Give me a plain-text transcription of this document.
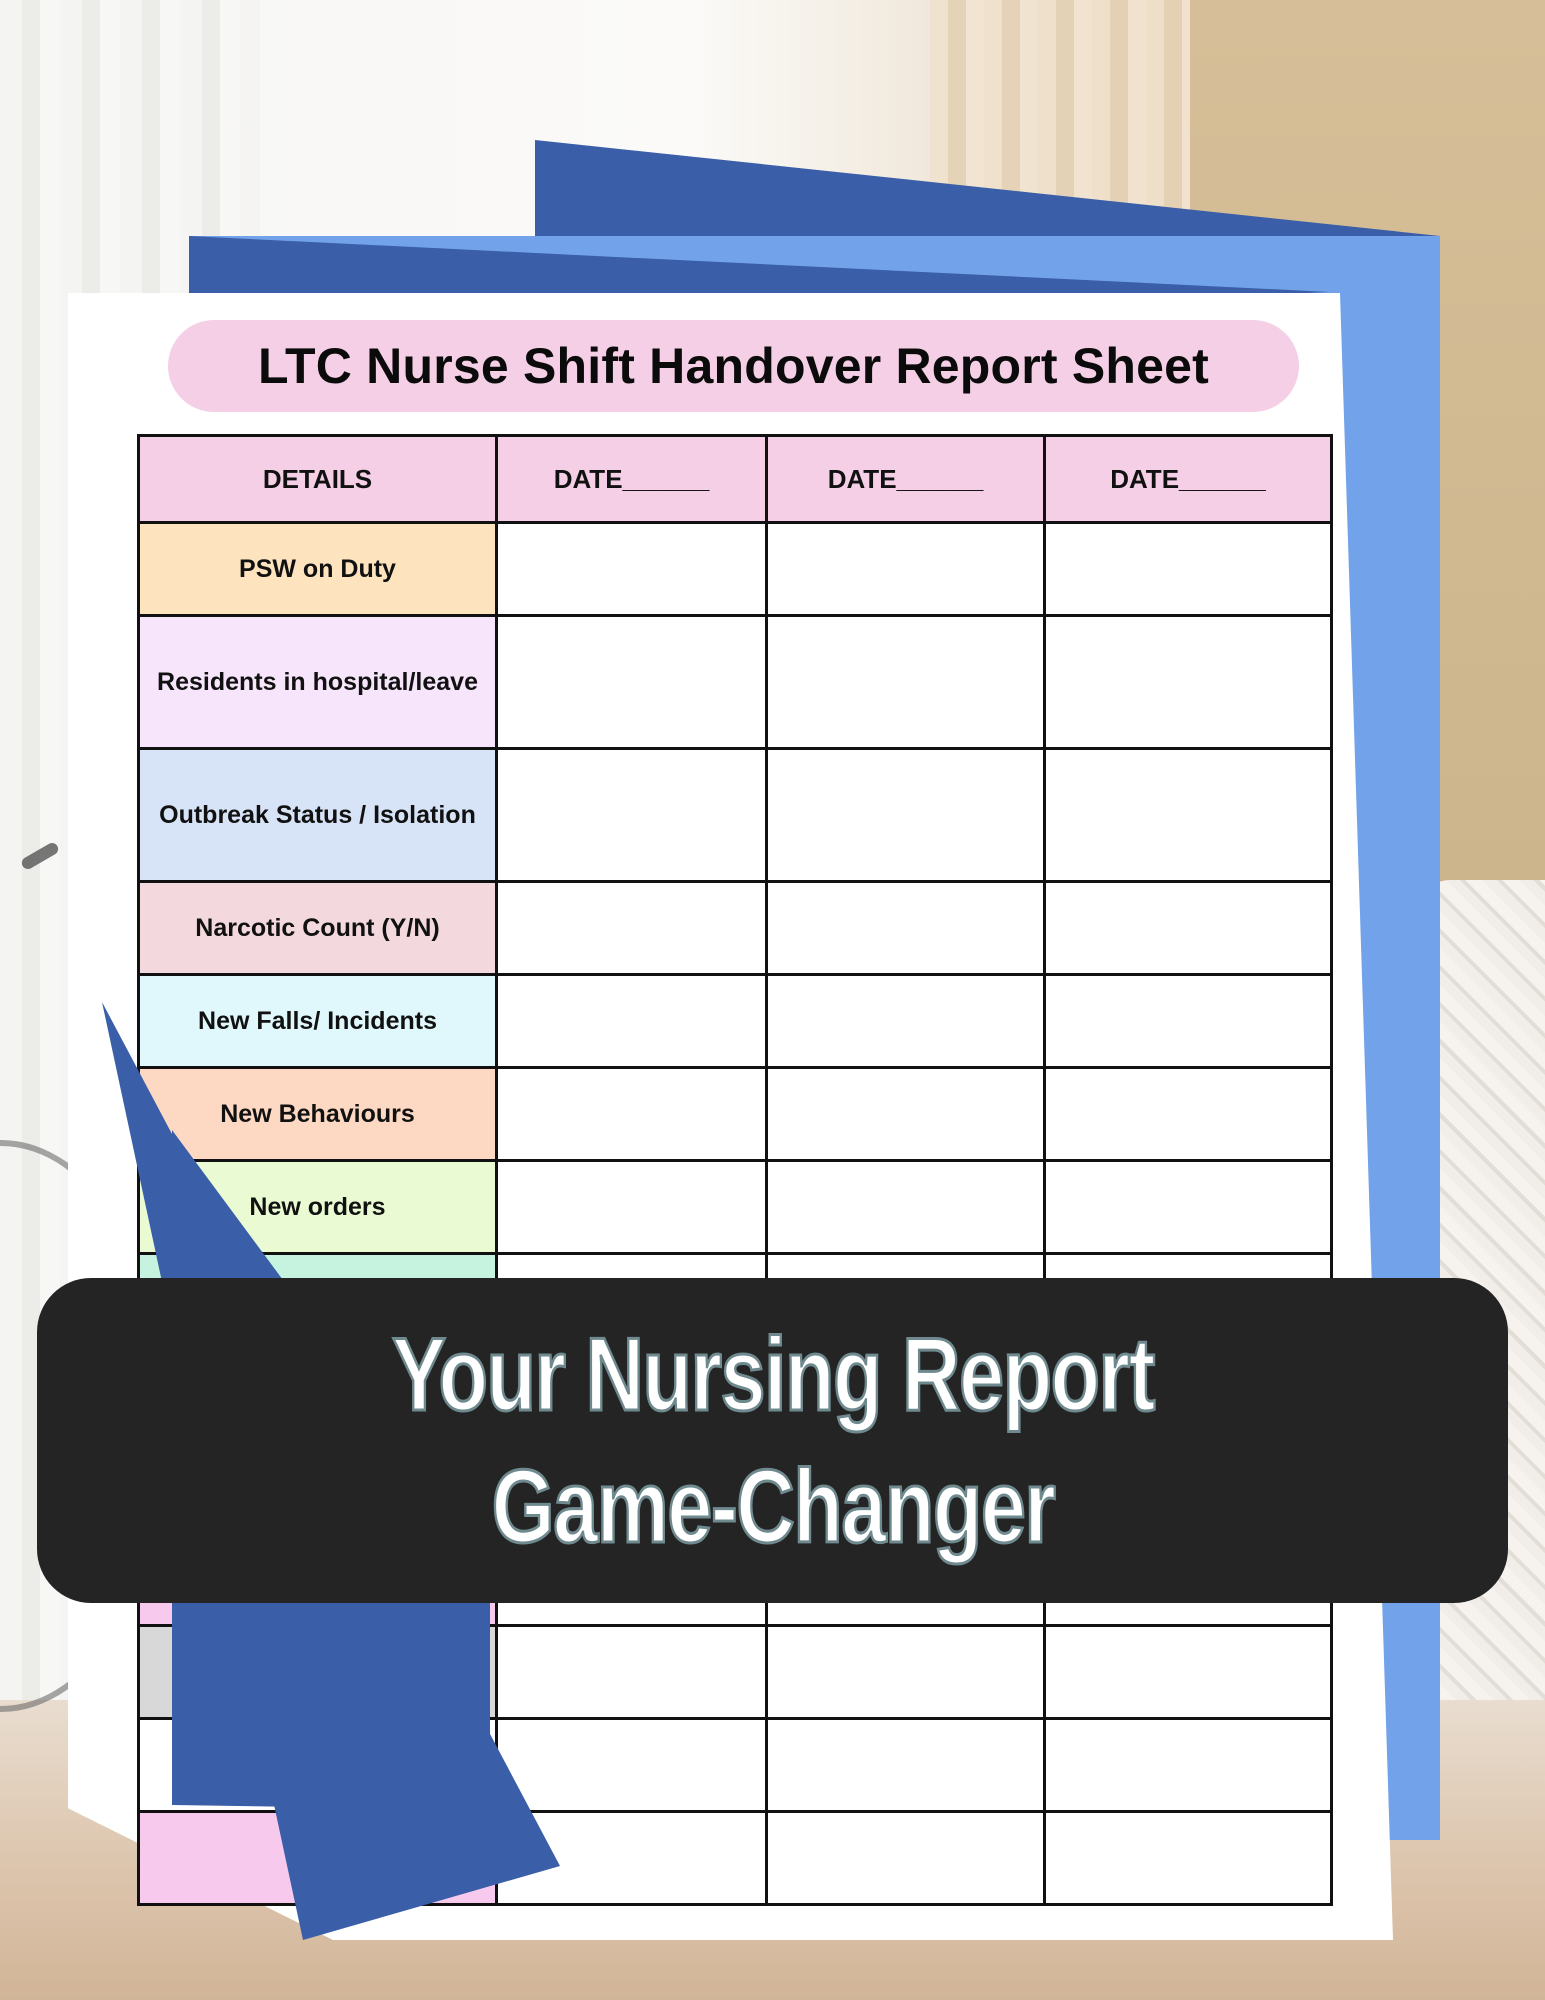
LTC Nurse Shift Handover Report Sheet
DETAILS	DATE______	DATE______	DATE______
PSW on Duty			
Residents in hospital/leave			
Outbreak Status / Isolation			
Narcotic Count (Y/N)			
New Falls/ Incidents			
New Behaviours			
New orders			

Your Nursing Report Game-Changer
